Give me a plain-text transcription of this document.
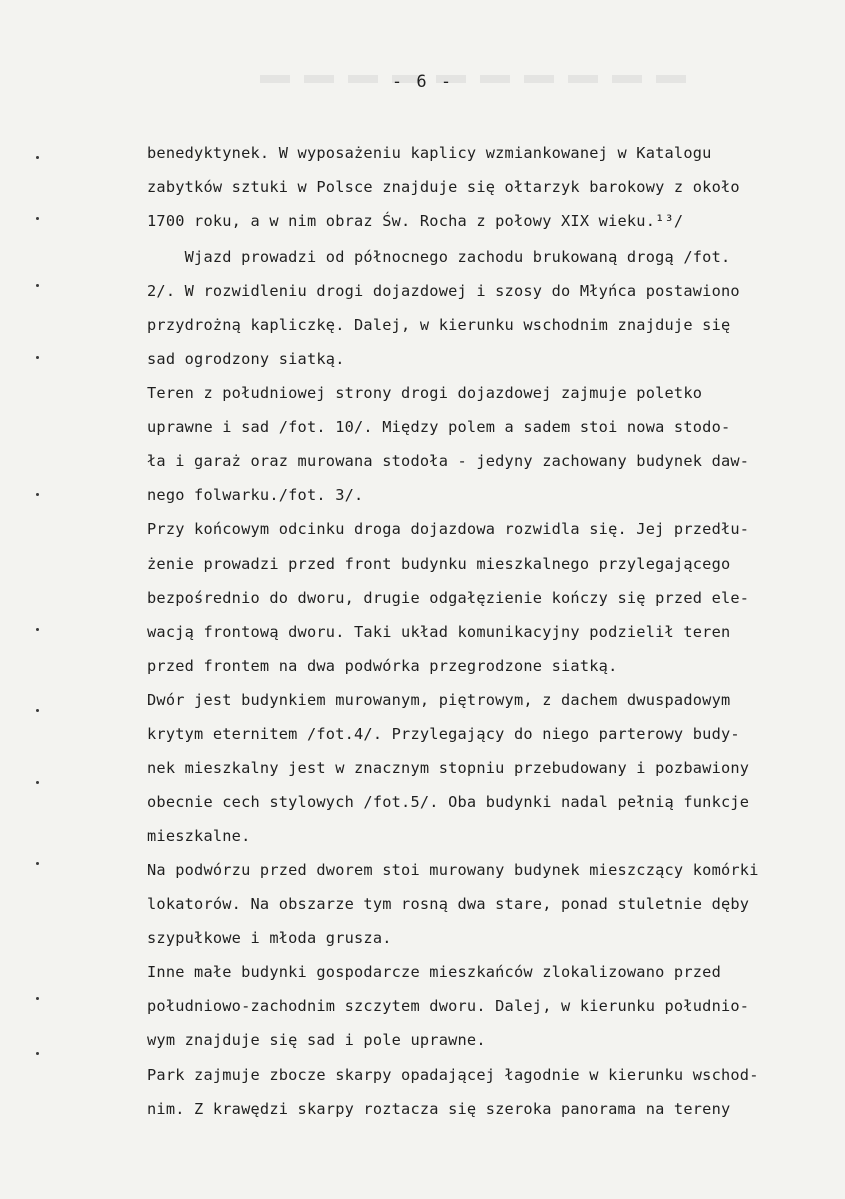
- 6 -
benedyktynek. W wyposażeniu kaplicy wzmiankowanej w Katalogu
zabytków sztuki w Polsce znajduje się ołtarzyk barokowy z około
1700 roku, a w nim obraz Św. Rocha z połowy XIX wieku.¹³/
Wjazd prowadzi od północnego zachodu brukowaną drogą /fot.
2/. W rozwidleniu drogi dojazdowej i szosy do Młyńca postawiono
przydrożną kapliczkę. Dalej, w kierunku wschodnim znajduje się
sad ogrodzony siatką.
Teren z południowej strony drogi dojazdowej zajmuje poletko
uprawne i sad /fot. 10/. Między polem a sadem stoi nowa stodo-
ła i garaż oraz murowana stodoła - jedyny zachowany budynek daw-
nego folwarku./fot. 3/.
Przy końcowym odcinku droga dojazdowa rozwidla się. Jej przedłu-
żenie prowadzi przed front budynku mieszkalnego przylegającego
bezpośrednio do dworu, drugie odgałęzienie kończy się przed ele-
wacją frontową dworu. Taki układ komunikacyjny podzielił teren
przed frontem na dwa podwórka przegrodzone siatką.
Dwór jest budynkiem murowanym, piętrowym, z dachem dwuspadowym
krytym eternitem /fot.4/. Przylegający do niego parterowy budy-
nek mieszkalny jest w znacznym stopniu przebudowany i pozbawiony
obecnie cech stylowych /fot.5/. Oba budynki nadal pełnią funkcje
mieszkalne.
Na podwórzu przed dworem stoi murowany budynek mieszczący komórki
lokatorów. Na obszarze tym rosną dwa stare, ponad stuletnie dęby
szypułkowe i młoda grusza.
Inne małe budynki gospodarcze mieszkańców zlokalizowano przed
południowo-zachodnim szczytem dworu. Dalej, w kierunku południo-
wym znajduje się sad i pole uprawne.
Park zajmuje zbocze skarpy opadającej łagodnie w kierunku wschod-
nim. Z krawędzi skarpy roztacza się szeroka panorama na tereny
